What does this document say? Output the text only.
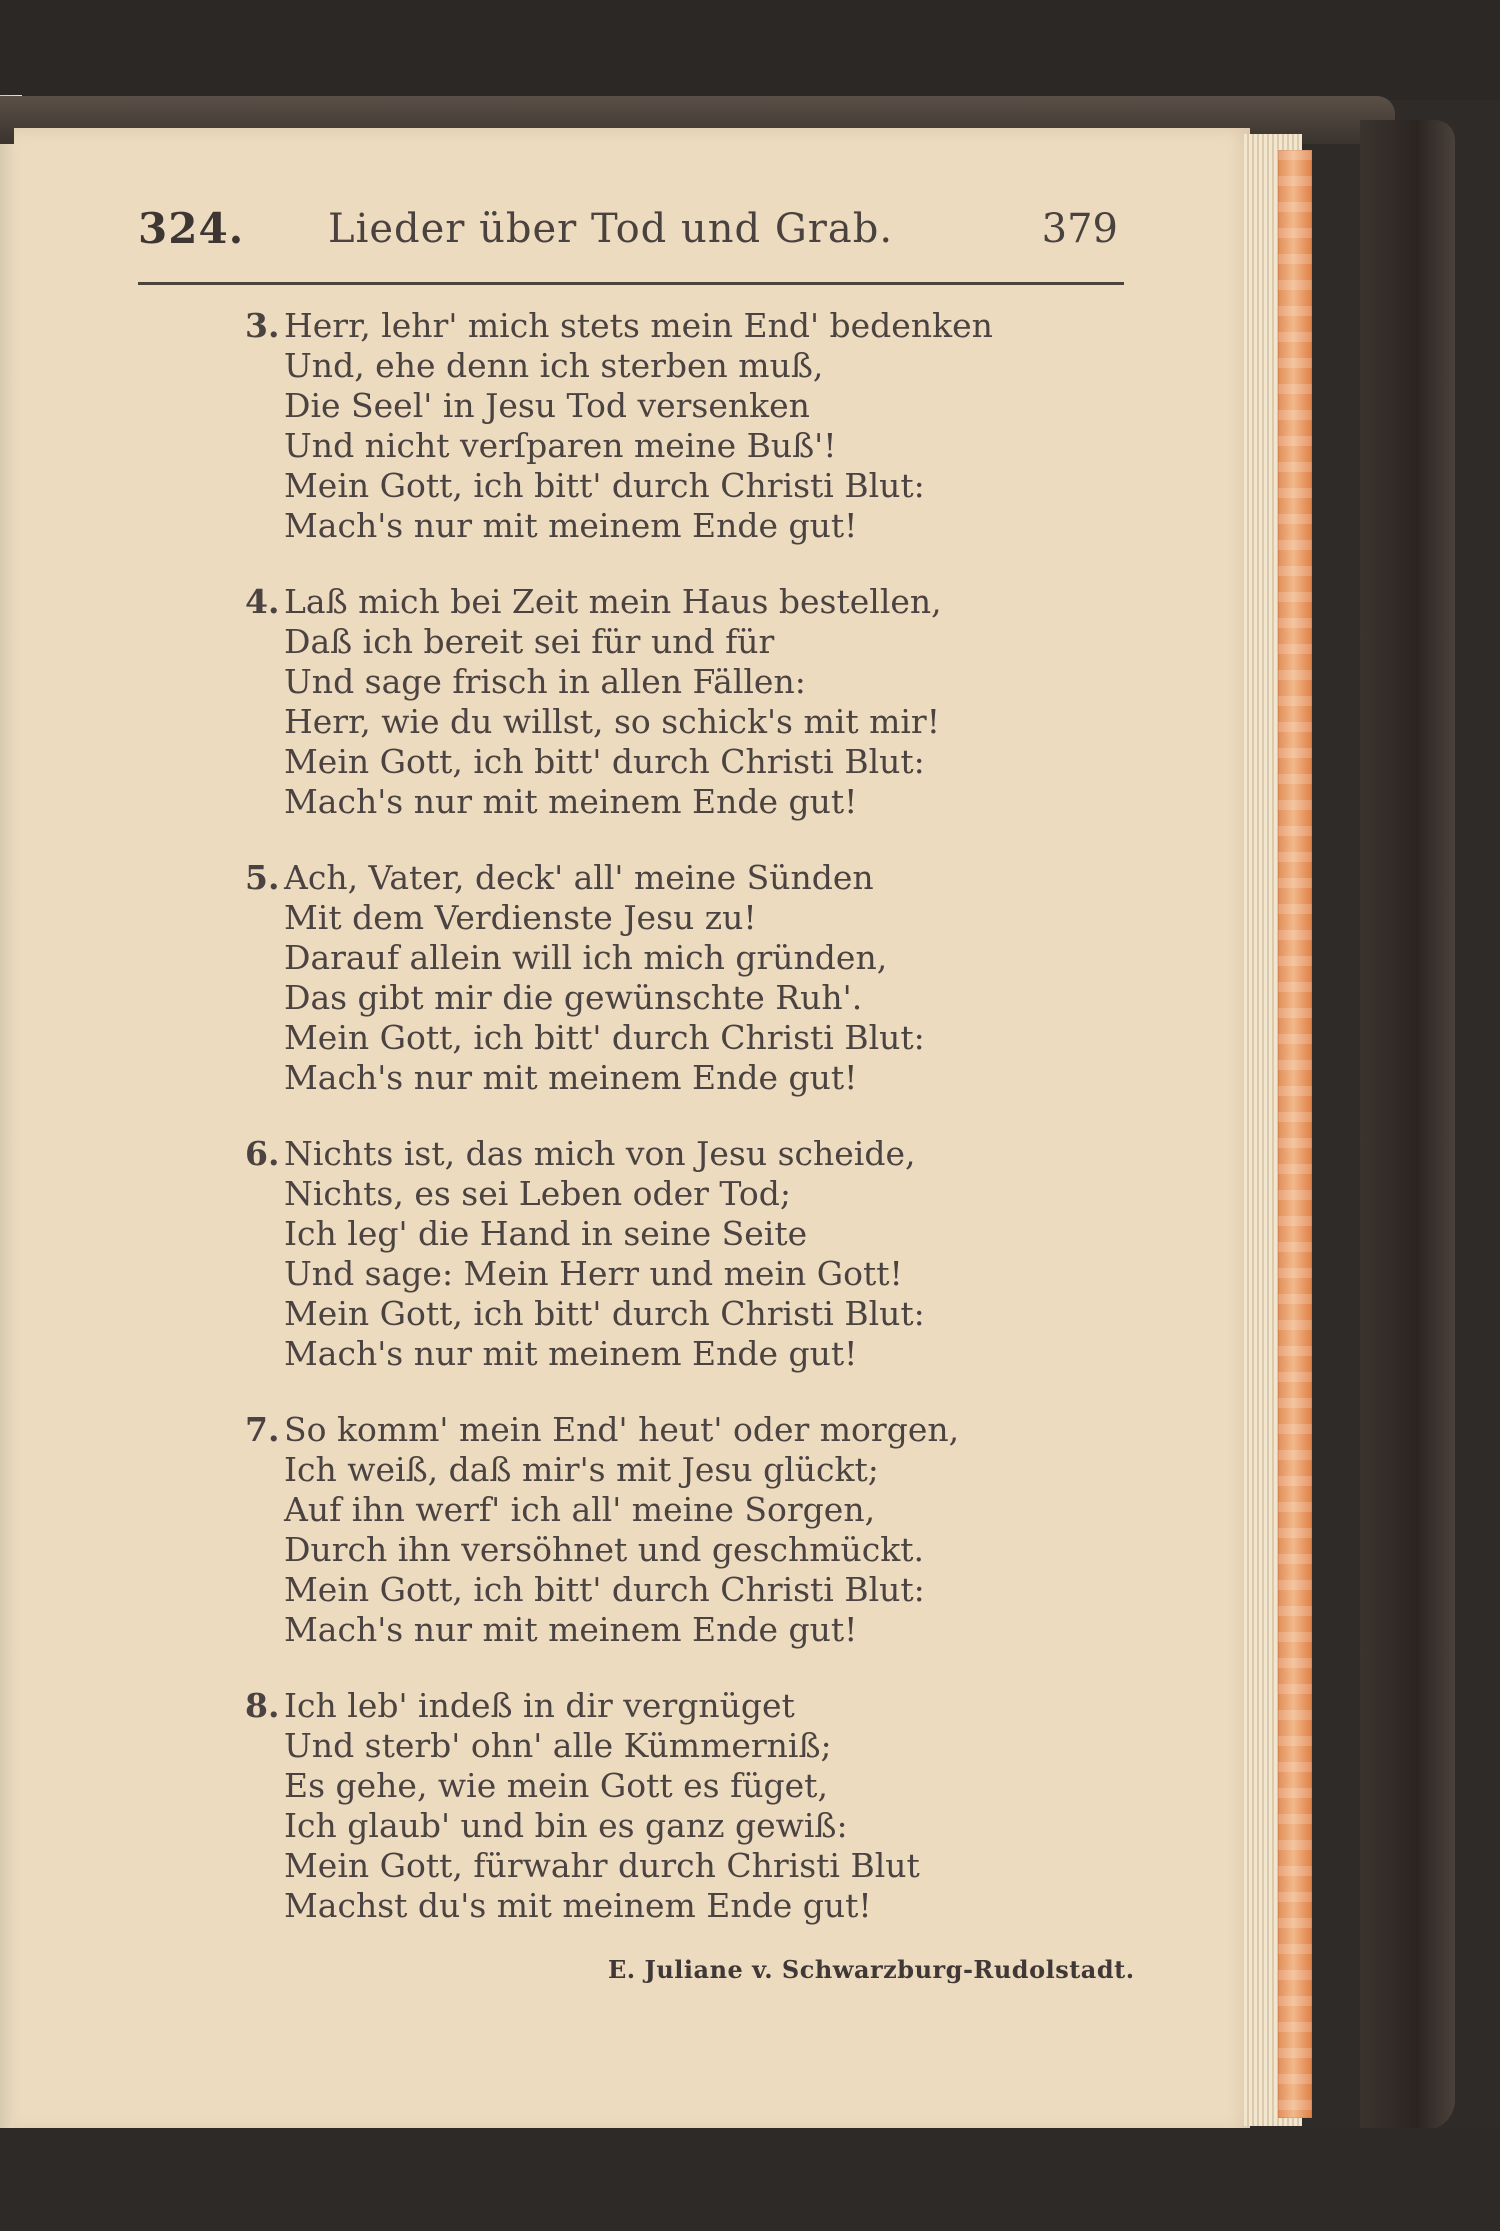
324. Lieder über Tod und Grab.	379
3. Herr, lehr' mich stets mein End' bedenken
Und, ehe denn ich sterben muß,
Die Seel' in Jesu Tod versenken
Und nicht verſparen meine Buß'!
Mein Gott, ich bitt' durch Christi Blut:
Mach's nur mit meinem Ende gut!
4. Laß mich bei Zeit mein Haus bestellen,
Daß ich bereit sei für und für
Und sage frisch in allen Fällen:
Herr, wie du willst, so schick's mit mir!
Mein Gott, ich bitt' durch Christi Blut:
Mach's nur mit meinem Ende gut!
5. Ach, Vater, deck' all' meine Sünden
Mit dem Verdienste Jesu zu!
Darauf allein will ich mich gründen,
Das gibt mir die gewünschte Ruh'.
Mein Gott, ich bitt' durch Christi Blut:
Mach's nur mit meinem Ende gut!
6. Nichts ist, das mich von Jesu scheide,
Nichts, es sei Leben oder Tod;
Ich leg' die Hand in seine Seite
Und sage: Mein Herr und mein Gott!
Mein Gott, ich bitt' durch Christi Blut:
Mach's nur mit meinem Ende gut!
7. So komm' mein End' heut' oder morgen,
Ich weiß, daß mir's mit Jesu glückt;
Auf ihn werf' ich all' meine Sorgen,
Durch ihn versöhnet und geschmückt.
Mein Gott, ich bitt' durch Christi Blut:
Mach's nur mit meinem Ende gut!
8. Ich leb' indeß in dir vergnüget
Und sterb' ohn' alle Kümmerniß;
Es gehe, wie mein Gott es füget,
Ich glaub' und bin es ganz gewiß:
Mein Gott, fürwahr durch Christi Blut
Machst du's mit meinem Ende gut!
E. Juliane v. Schwarzburg-Rudolstadt.
